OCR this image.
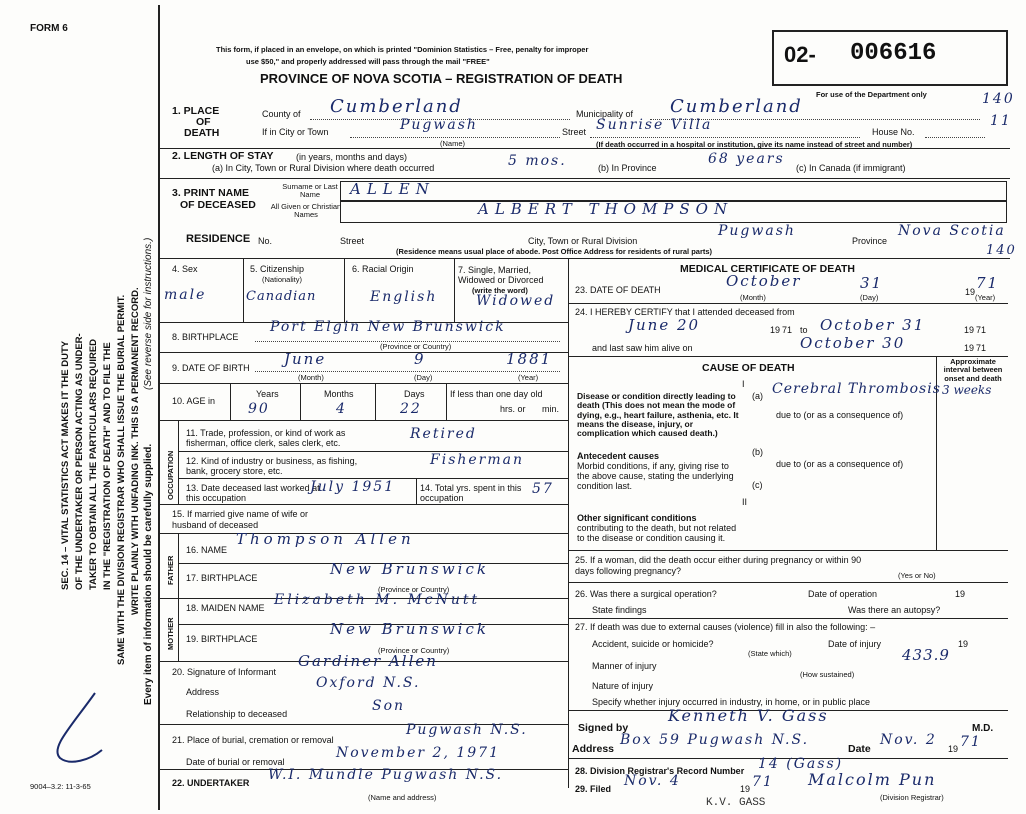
FORM 6
SEC. 14 – VITAL STATISTICS ACT MAKES IT THE DUTY OF THE UNDERTAKER OR PERSON ACTING AS UNDER- TAKER TO OBTAIN ALL THE PARTICULARS REQUIRED IN THE "REGISTRATION OF DEATH" AND TO FILE THE SAME WITH THE DIVISION REGISTRAR WHO SHALL ISSUE THE BURIAL PERMIT. WRITE PLAINLY WITH UNFADING INK. THIS IS A PERMANENT RECORD. Every item of information should be carefully supplied.
(See reverse side for instructions.)
9004–3.2: 11-3-65
This form, if placed in an envelope, on which is printed "Dominion Statistics – Free, penalty for improper
use $50," and properly addressed will pass through the mail "FREE"
PROVINCE OF NOVA SCOTIA – REGISTRATION OF DEATH
02- 006616
For use of the Department only	140
11
1. PLACE
OF
DEATH
County of Cumberland	Municipality of Cumberland
If in City or Town	Pugwash
(Name)
Street Sunrise Villa	House No.
(If death occurred in a hospital or institution, give its name instead of street and number)
2. LENGTH OF STAY (in years, months and days)
(a) In City, Town or Rural Division where death occurred	5 mos.	(b) In Province
68 years
(c) In Canada (if immigrant)
3. PRINT NAME
OF DECEASED
Surname or Last Name	ALLEN
All Given or Christian Names	ALBERT THOMPSON
RESIDENCE No.	Street	City, Town or Rural Division
Pugwash
Province
Nova Scotia
(Residence means usual place of abode. Post Office Address for residents of rural parts)	140
4. Sex
male
5. Citizenship
(Nationality)
Canadian
6. Racial Origin
English
7. Single, Married, Widowed or Divorced
(write the word)
Widowed
8. BIRTHPLACE
Port Elgin New Brunswick
(Province or Country)
9. DATE OF BIRTH June	9	1881
(Month)	(Day)	(Year)
10. AGE in
Years
90
Months
4
Days
22
If less than one day old
hrs. or min.
OCCUPATION
11. Trade, profession, or kind of work as fisherman, office clerk, sales clerk, etc.
Retired
12. Kind of industry or business, as fishing, bank, grocery store, etc.
Fisherman
13. Date deceased last worked at this occupation
July 1951	14. Total yrs. spent in this occupation
57
15. If married give name of wife or husband of deceased
FATHER
16. NAME
Thompson Allen
17. BIRTHPLACE	New Brunswick
(Province or Country)
MOTHER
18. MAIDEN NAME Elizabeth M. McNutt
19. BIRTHPLACE
New Brunswick
(Province or Country)
20. Signature of Informant
Gardiner Allen
Address
Oxford N.S.
Relationship to deceased	Son
21. Place of burial, cremation or removal
Pugwash N.S.
Date of burial or removal
November 2, 1971
22. UNDERTAKER W.I. Mundle Pugwash N.S.
(Name and address)
MEDICAL CERTIFICATE OF DEATH
23. DATE OF DEATH	October	31	19 71
(Month)	(Day)	(Year)
24. I HEREBY CERTIFY that I attended deceased from
June 20	19 71 to October 31	19 71
and last saw him alive on	October 30	19 71
CAUSE OF DEATH
Approximate interval between onset and death
I
Disease or condition directly leading to death (This does not mean the mode of dying, e.g., heart failure, asthenia, etc. It means the disease, injury, or complication which caused death.)
(a) Cerebral Thrombosis 3 weeks
due to (or as a consequence of)
Antecedent causes
Morbid conditions, if any, giving rise to the above cause, stating the underlying condition last.
(b)
due to (or as a consequence of)
(c)
II
Other significant conditions
contributing to the death, but not related to the disease or condition causing it.
25. If a woman, did the death occur either during pregnancy or within 90 days following pregnancy?	(Yes or No)
26. Was there a surgical operation?	Date of operation	19
State findings	Was there an autopsy?
27. If death was due to external causes (violence) fill in also the following: –
Accident, suicide or homicide?	Date of injury	19
(State which)	433.9
Manner of injury
(How sustained)
Nature of injury
Specify whether injury occurred in industry, in home, or in public place
Signed by
Kenneth V. Gass
M.D.
Address
Box 59 Pugwash N.S.
Date
Nov. 2
19 71
28. Division Registrar's Record Number 14 (Gass)
29. Filed Nov. 4	19 71 Malcolm Pun
(Division Registrar)
K.V. GASS
